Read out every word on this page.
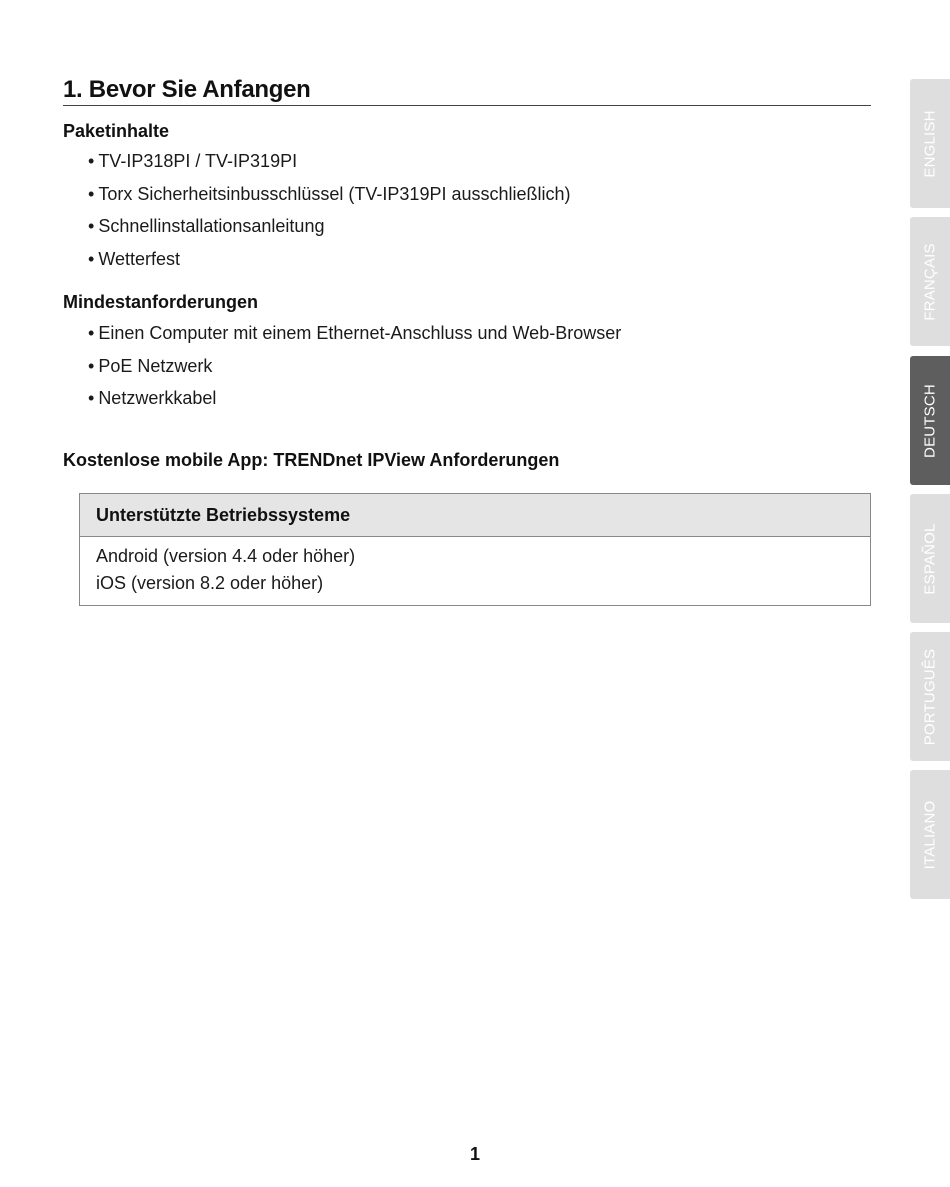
1. Bevor Sie Anfangen
Paketinhalte
• TV-IP318PI / TV-IP319PI
• Torx Sicherheitsinbusschlüssel (TV-IP319PI ausschließlich)
• Schnellinstallationsanleitung
• Wetterfest
Mindestanforderungen
• Einen Computer mit einem Ethernet-Anschluss und Web-Browser
• PoE Netzwerk
• Netzwerkkabel
Kostenlose mobile App: TRENDnet IPView Anforderungen
Unterstützte Betriebssysteme
Android (version 4.4 oder höher)
iOS (version 8.2 oder höher)
ENGLISH
FRANÇAIS
DEUTSCH
ESPAÑOL
PORTUGUÊS
ITALIANO
1
